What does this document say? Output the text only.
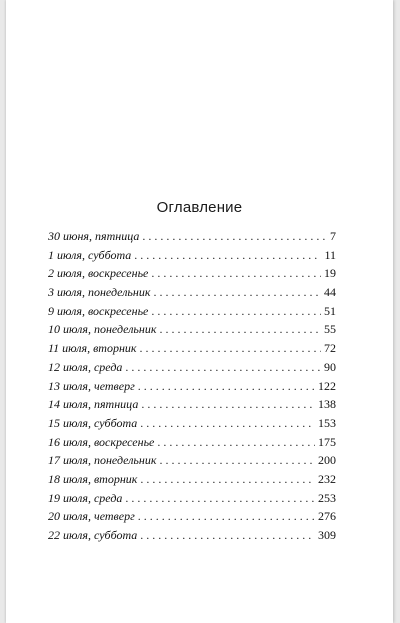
Оглавление
30 июня, пятница . . .	7
1 июля, суббота . . .	11
2 июля, воскресенье . . .	19
3 июля, понедельник . . .	44
9 июля, воскресенье . . .	51
10 июля, понедельник . . .	55
11 июля, вторник . . .	72
12 июля, среда . . .	90
13 июля, четверг . . .	122
14 июля, пятница . . .	138
15 июля, суббота . . .	153
16 июля, воскресенье . . .	175
17 июля, понедельник . . .	200
18 июля, вторник . . .	232
19 июля, среда . . .	253
20 июля, четверг . . .	276
22 июля, суббота . . .	309
